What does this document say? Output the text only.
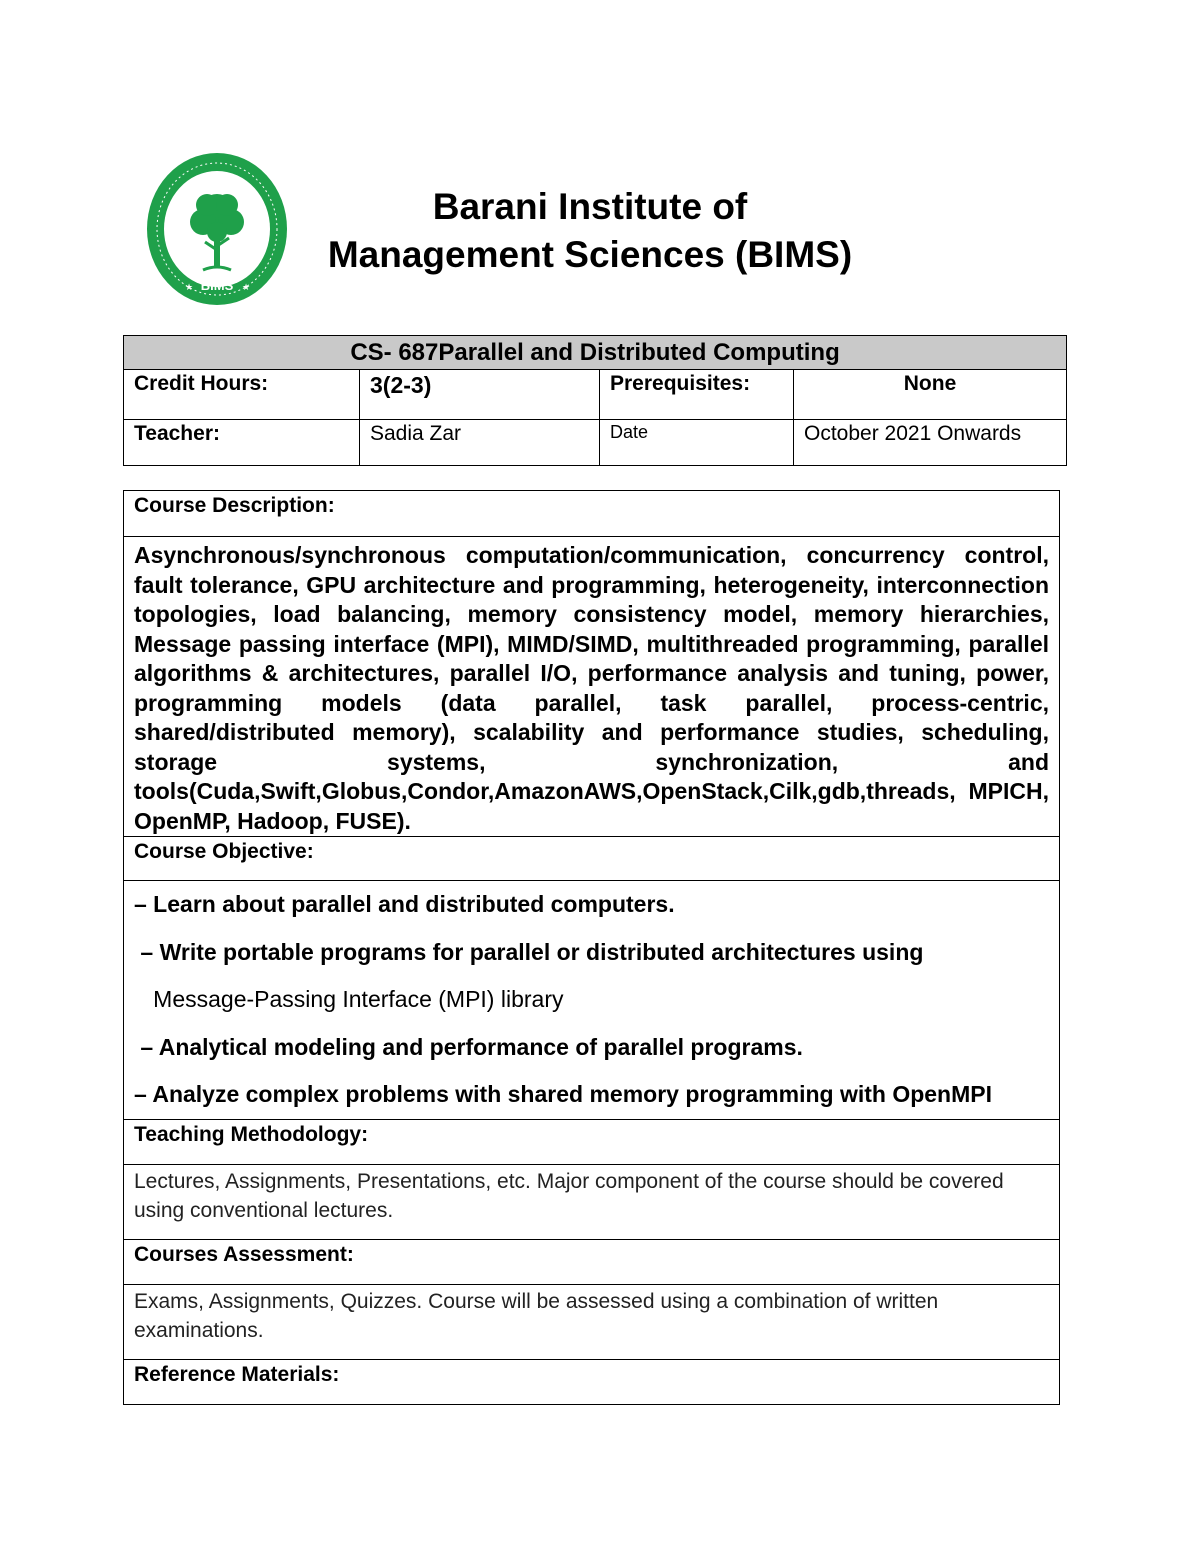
BIMS
★	★
Barani Institute of
Management Sciences (BIMS)
CS- 687Parallel and Distributed Computing			
Credit Hours:	3(2-3)	Prerequisites:	None
Teacher:	Sadia Zar	Date	October 2021 Onwards
Course Description:
Asynchronous/synchronous computation/communication, concurrency control, fault tolerance, GPU architecture and programming, heterogeneity, interconnection topologies, load balancing, memory consistency model, memory hierarchies, Message passing interface (MPI), MIMD/SIMD, multithreaded programming, parallel algorithms & architectures, parallel I/O, performance analysis and tuning, power, programming models (data parallel, task parallel, process-centric, shared/distributed memory), scalability and performance studies, scheduling, storage systems, synchronization, and tools(Cuda,Swift,Globus,Condor,AmazonAWS,OpenStack,Cilk,gdb,threads, MPICH, OpenMP, Hadoop, FUSE).
Course Objective:

– Learn about parallel and distributed computers.
– Write portable programs for parallel or distributed architectures using
Message-Passing Interface (MPI) library
– Analytical modeling and performance of parallel programs.
– Analyze complex problems with shared memory programming with OpenMPI

Teaching Methodology:
Lectures, Assignments, Presentations, etc. Major component of the course should be covered using conventional lectures.
Courses Assessment:
Exams, Assignments, Quizzes. Course will be assessed using a combination of written examinations.
Reference Materials:
